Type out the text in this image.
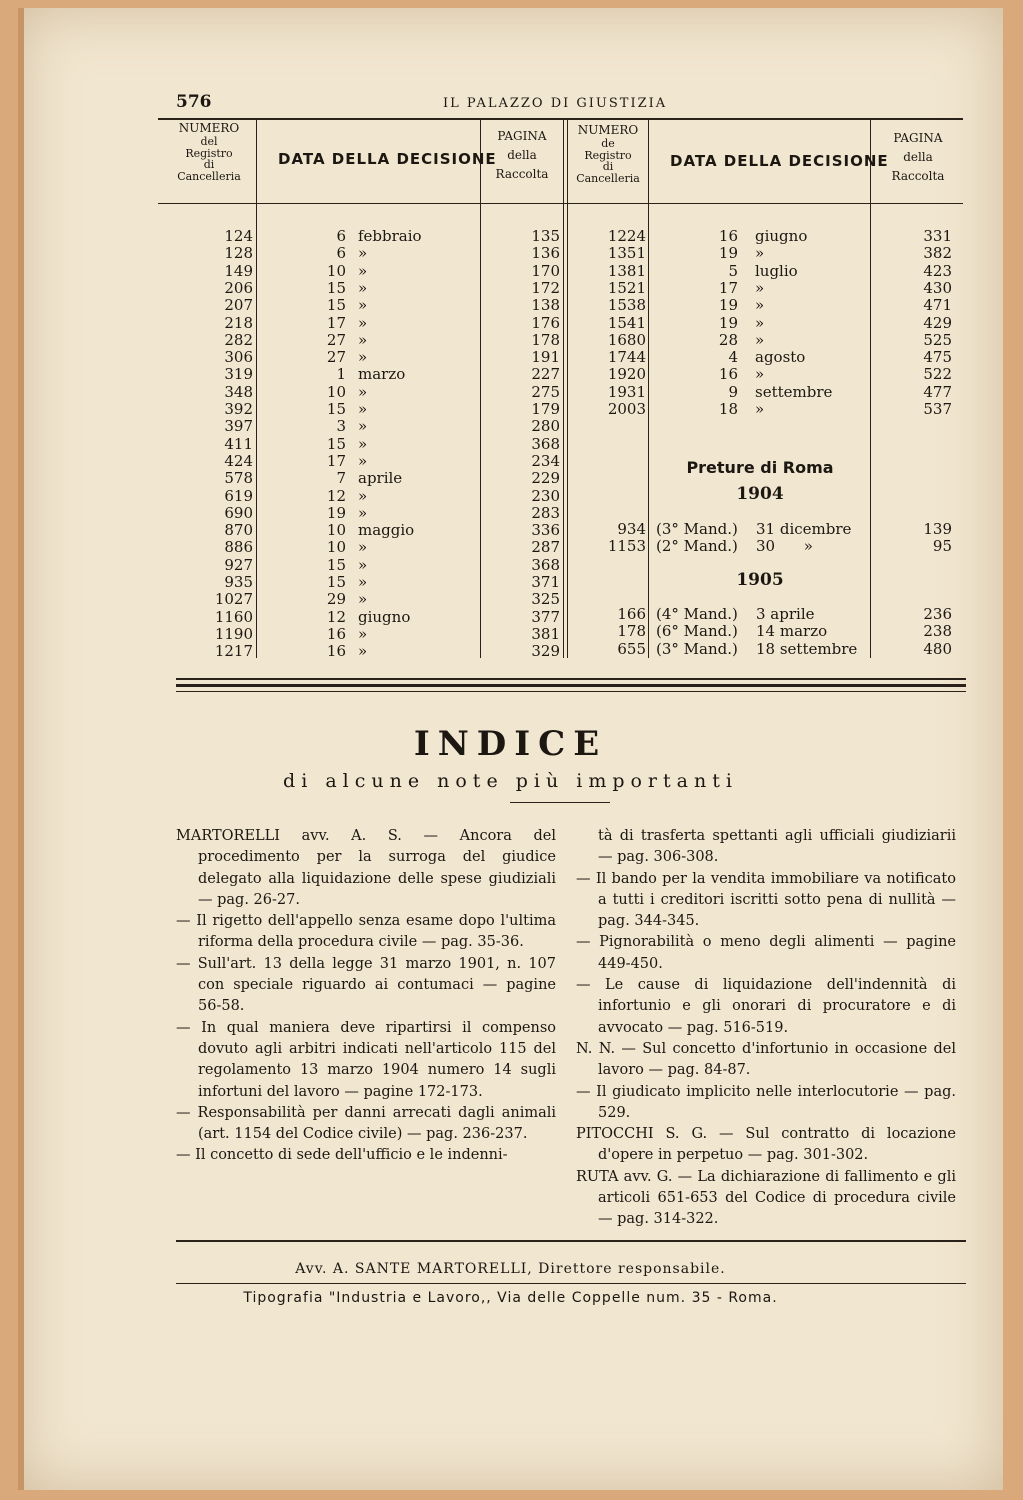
576	IL PALAZZO DI GIUSTIZIA
NUMERO
del
Registro
di
Cancelleria
DATA DELLA DECISIONE
PAGINA
della
Raccolta
NUMERO
de
Registro
di
Cancelleria
DATA DELLA DECISIONE
PAGINA
della
Raccolta
124	6 febbraio	135
128	6 »	136
149	10 »	170
206	15 »	172
207	15 »	138
218	17 »	176
282	27 »	178
306	27 »	191
319	1 marzo	227
348	10 »	275
392	15 »	179
397	3 »	280
411	15 »	368
424	17 »	234
578	7 aprile	229
619	12 »	230
690	19 »	283
870	10 maggio	336
886	10 »	287
927	15 »	368
935	15 »	371
1027	29 »	325
1160	12 giugno	377
1190	16 »	381
1217	16 »	329
1224	16 giugno	331
1351	19 »	382
1381	5 luglio	423
1521	17 »	430
1538	19 »	471
1541	19 »	429
1680	28 »	525
1744	4 agosto	475
1920	16 »	522
1931	9 settembre	477
2003	18 »	537
Preture di Roma
1904
934 (3° Mand.)	31 dicembre	139
1153 (2° Mand.)	30      »	95
1905
166 (4° Mand.)	3 aprile	236
178 (6° Mand.)	14 marzo	238
655 (3° Mand.)	18 settembre	480
INDICE
di alcune note più importanti

MARTORELLI avv. A. S. — Ancora del procedimento per la surroga del giudice delegato alla liquidazione delle spese giudiziali — pag. 26-27.

— Il rigetto dell'appello senza esame dopo l'ultima riforma della procedura civile — pag. 35-36.

— Sull'art. 13 della legge 31 marzo 1901, n. 107 con speciale riguardo ai contumaci — pagine 56-58.

— In qual maniera deve ripartirsi il compenso dovuto agli arbitri indicati nell'articolo 115 del regolamento 13 marzo 1904 numero 14 sugli infortuni del lavoro — pagine 172-173.

— Responsabilità per danni arrecati dagli animali (art. 1154 del Codice civile) — pag. 236-237.

— Il concetto di sede dell'ufficio e le indenni-

tà di trasferta spettanti agli ufficiali giudiziarii — pag. 306-308.

— Il bando per la vendita immobiliare va notificato a tutti i creditori iscritti sotto pena di nullità — pag. 344-345.

— Pignorabilità o meno degli alimenti — pagine 449-450.

— Le cause di liquidazione dell'indennità di infortunio e gli onorari di procuratore e di avvocato — pag. 516-519.

N. N. — Sul concetto d'infortunio in occasione del lavoro — pag. 84-87.

— Il giudicato implicito nelle interlocutorie — pag. 529.

PITOCCHI S. G. — Sul contratto di locazione d'opere in perpetuo — pag. 301-302.

RUTA avv. G. — La dichiarazione di fallimento e gli articoli 651-653 del Codice di procedura civile — pag. 314-322.

Avv. A. SANTE MARTORELLI, Direttore responsabile.
Tipografia "Industria e Lavoro,, Via delle Coppelle num. 35 - Roma.
